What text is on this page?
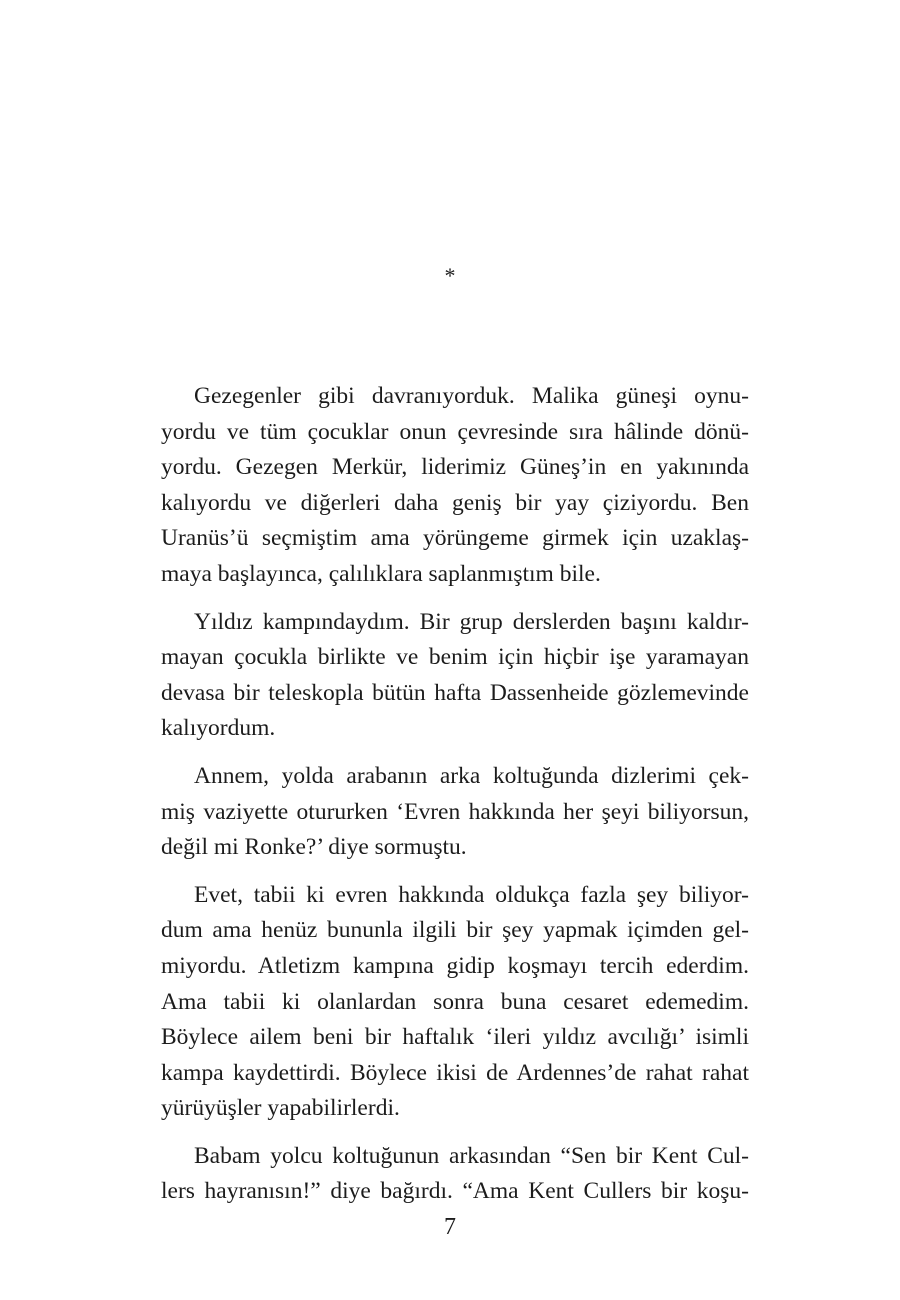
*
Gezegenler gibi davranıyorduk. Malika güneşi oynu-
yordu ve tüm çocuklar onun çevresinde sıra hâlinde dönü-
yordu. Gezegen Merkür, liderimiz Güneş’in en yakınında
kalıyordu ve diğerleri daha geniş bir yay çiziyordu. Ben
Uranüs’ü seçmiştim ama yörüngeme girmek için uzaklaş-
maya başlayınca, çalılıklara saplanmıştım bile.
Yıldız kampındaydım. Bir grup derslerden başını kaldır-
mayan çocukla birlikte ve benim için hiçbir işe yaramayan
devasa bir teleskopla bütün hafta Dassenheide gözlemevinde
kalıyordum.
Annem, yolda arabanın arka koltuğunda dizlerimi çek-
miş vaziyette otururken ‘Evren hakkında her şeyi biliyorsun,
değil mi Ronke?’ diye sormuştu.
Evet, tabii ki evren hakkında oldukça fazla şey biliyor-
dum ama henüz bununla ilgili bir şey yapmak içimden gel-
miyordu. Atletizm kampına gidip koşmayı tercih ederdim.
Ama tabii ki olanlardan sonra buna cesaret edemedim.
Böylece ailem beni bir haftalık ‘ileri yıldız avcılığı’ isimli
kampa kaydettirdi. Böylece ikisi de Ardennes’de rahat rahat
yürüyüşler yapabilirlerdi.
Babam yolcu koltuğunun arkasından “Sen bir Kent Cul-
lers hayranısın!” diye bağırdı. “Ama Kent Cullers bir koşu-
7
